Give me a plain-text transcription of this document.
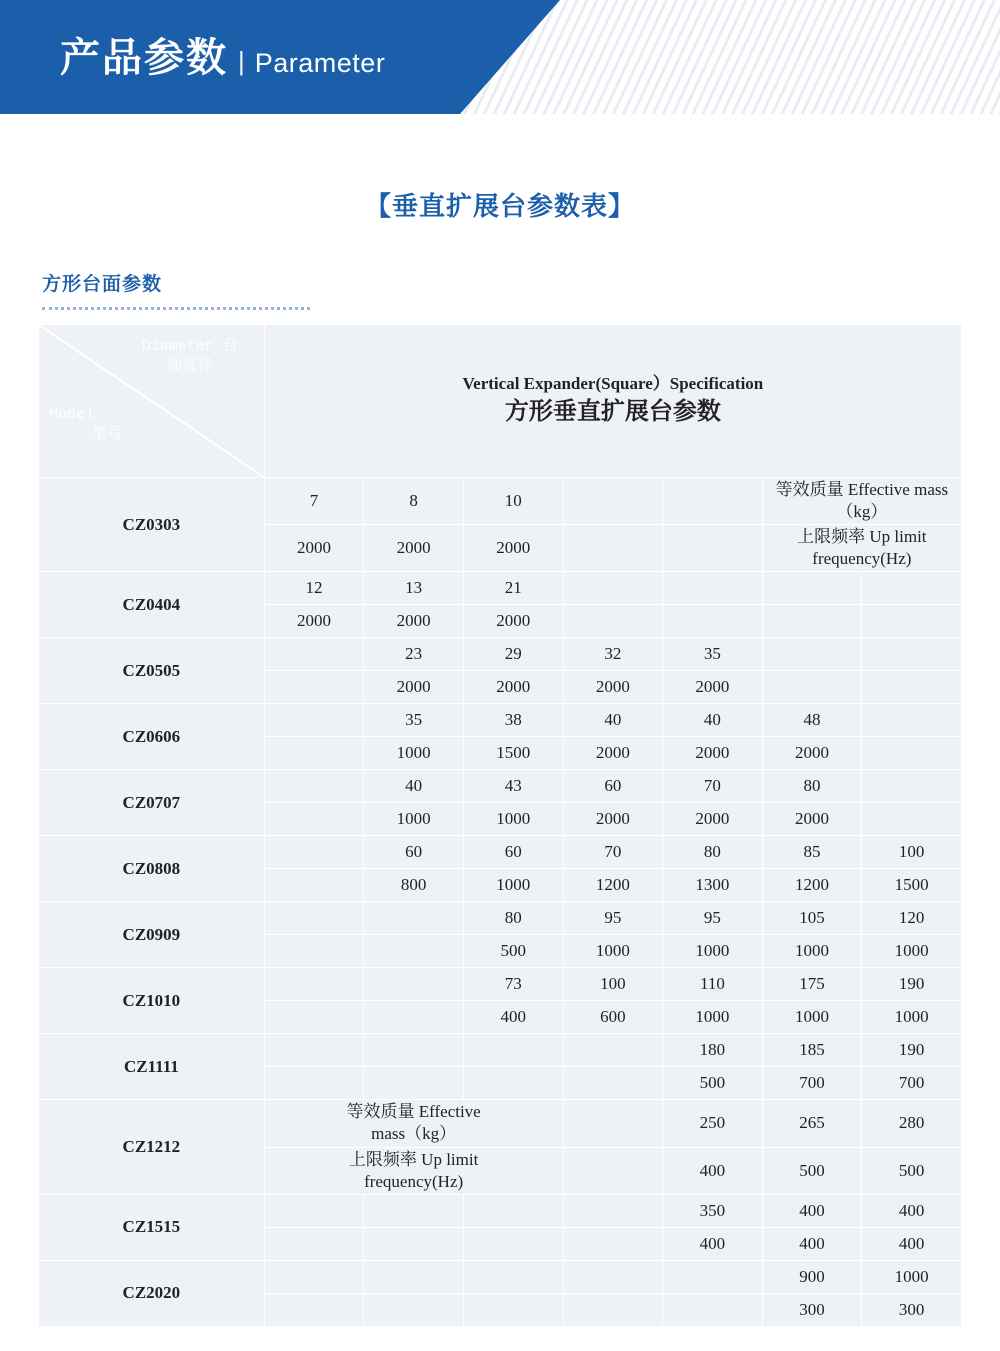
产品参数 | Parameter
【垂直扩展台参数表】
方形台面参数
Diameter 台
面直径
Model
型号
	Vertical Expander(Square）Specification
方形垂直扩展台参数

CZ0303	7	8	10			等效质量 Effective mass
（kg）	
	2000	2000	2000			上限频率 Up limit
frequency(Hz)	
CZ0404	12	13	21				
	2000	2000	2000				
CZ0505		23	29	32	35		
		2000	2000	2000	2000		
CZ0606		35	38	40	40	48	
		1000	1500	2000	2000	2000	
CZ0707		40	43	60	70	80	
		1000	1000	2000	2000	2000	
CZ0808		60	60	70	80	85	100
		800	1000	1200	1300	1200	1500
CZ0909			80	95	95	105	120
			500	1000	1000	1000	1000
CZ1010			73	100	110	175	190
			400	600	1000	1000	1000
CZ1111					180	185	190
					500	700	700
CZ1212	等效质量 Effective
mass（kg）				250	265	280
	上限频率 Up limit
frequency(Hz)				400	500	500
CZ1515					350	400	400
					400	400	400
CZ2020						900	1000
						300	300
